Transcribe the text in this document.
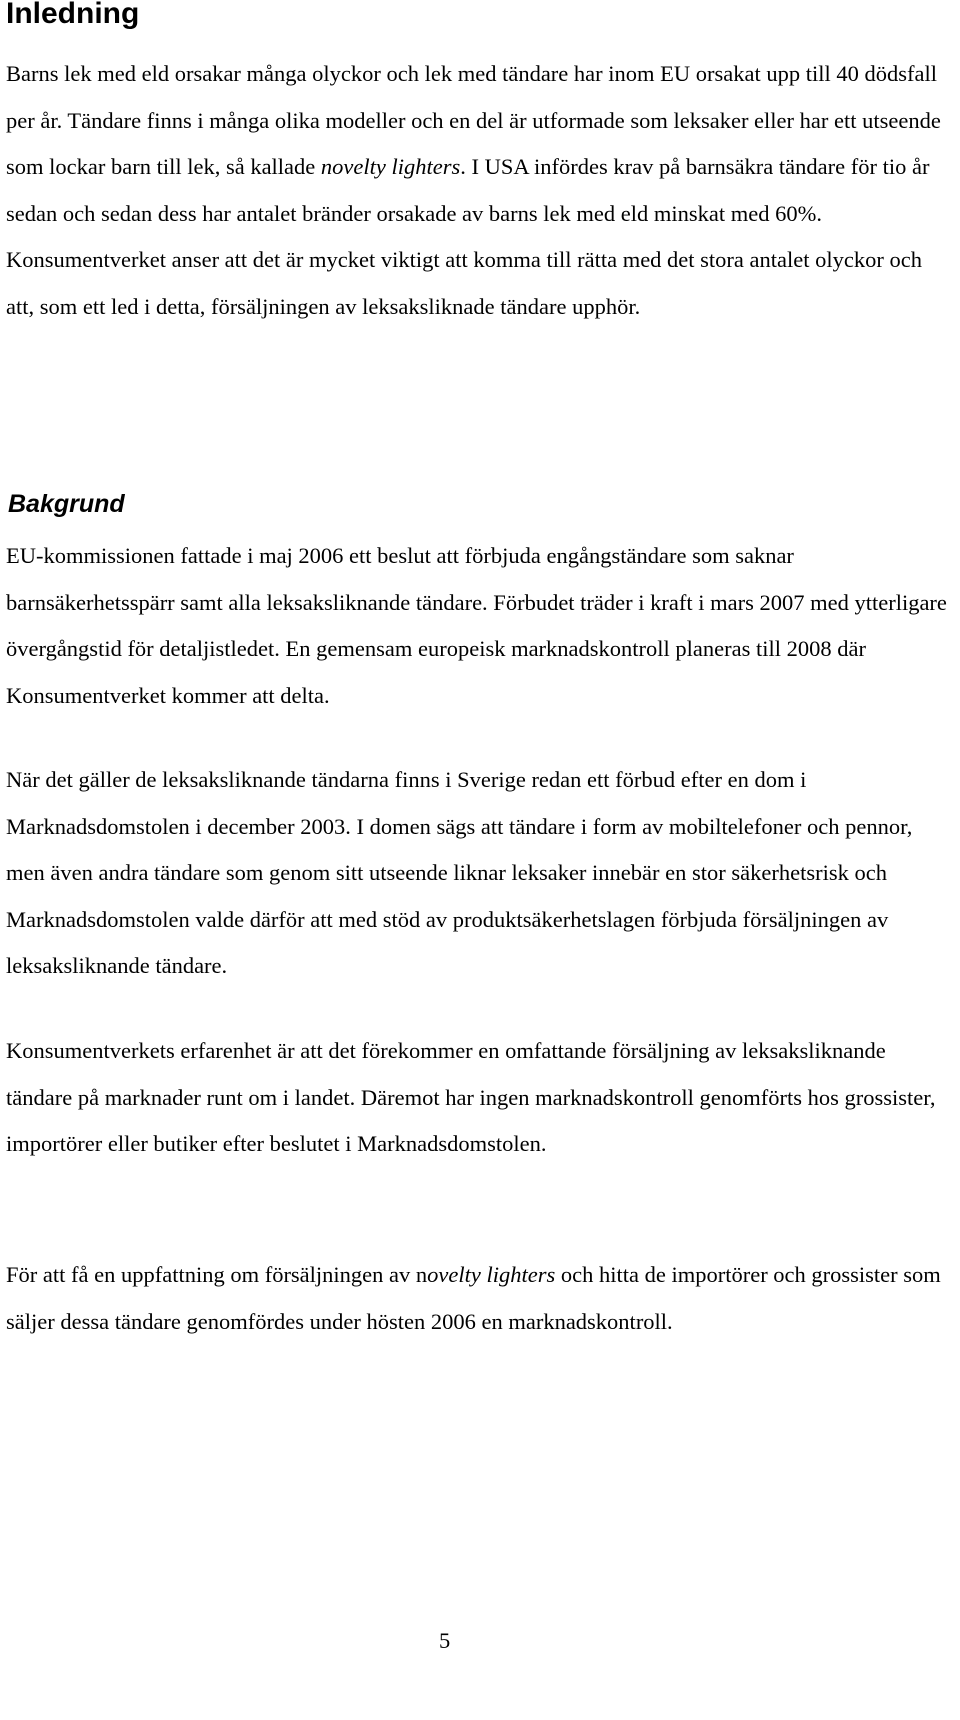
Inledning

Barns lek med eld orsakar många olyckor och lek med tändare har inom EU orsakat upp till 40 dödsfall per år. Tändare finns i många olika modeller och en del är utformade som leksaker eller har ett utseende som lockar barn till lek, så kallade novelty lighters. I USA infördes krav på barnsäkra tändare för tio år sedan och sedan dess har antalet bränder orsakade av barns lek med eld minskat med 60%. Konsumentverket anser att det är mycket viktigt att komma till rätta med det stora antalet olyckor och att, som ett led i detta, försäljningen av leksaksliknade tändare upphör.

Bakgrund

EU-kommissionen fattade i maj 2006 ett beslut att förbjuda engångständare som saknar barnsäkerhetsspärr samt alla leksaksliknande tändare. Förbudet träder i kraft i mars 2007 med ytterligare övergångstid för detaljistledet. En gemensam europeisk marknadskontroll planeras till 2008 där Konsumentverket kommer att delta.

När det gäller de leksaksliknande tändarna finns i Sverige redan ett förbud efter en dom i Marknadsdomstolen i december 2003. I domen sägs att tändare i form av mobiltelefoner och pennor, men även andra tändare som genom sitt utseende liknar leksaker innebär en stor säkerhetsrisk och Marknadsdomstolen valde därför att med stöd av produktsäkerhetslagen förbjuda försäljningen av leksaksliknande tändare.

Konsumentverkets erfarenhet är att det förekommer en omfattande försäljning av leksaksliknande tändare på marknader runt om i landet. Däremot har ingen marknadskontroll genomförts hos grossister, importörer eller butiker efter beslutet i Marknadsdomstolen.

För att få en uppfattning om försäljningen av novelty lighters och hitta de importörer och grossister som säljer dessa tändare genomfördes under hösten 2006 en marknadskontroll.

5
